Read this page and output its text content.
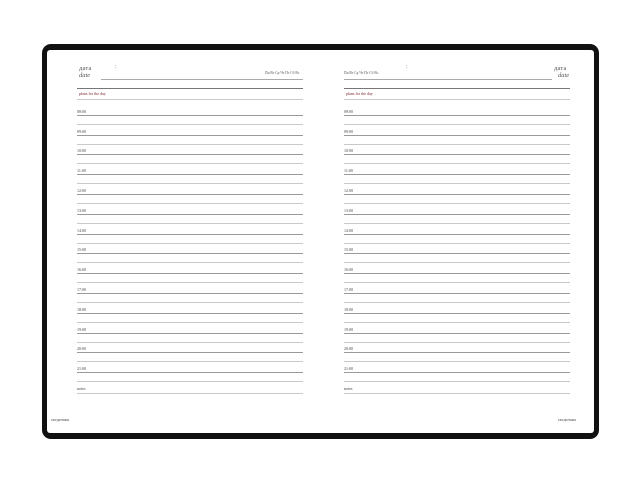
дата
date
:
Пн Вт Ср Чт Пт Сб Вс
plans for the day
08:00
09:00
10:00
11:00
12:00
13:00
14:00
15:00
16:00
17:00
18:00
19:00
20:00
21:00
notes
ежедневник
Пн Вт Ср Чт Пт Сб Вс
:	дата
date
plans for the day
08:00
09:00
10:00
11:00
12:00
13:00
14:00
15:00
16:00
17:00
18:00
19:00
20:00
21:00
notes
ежедневник
